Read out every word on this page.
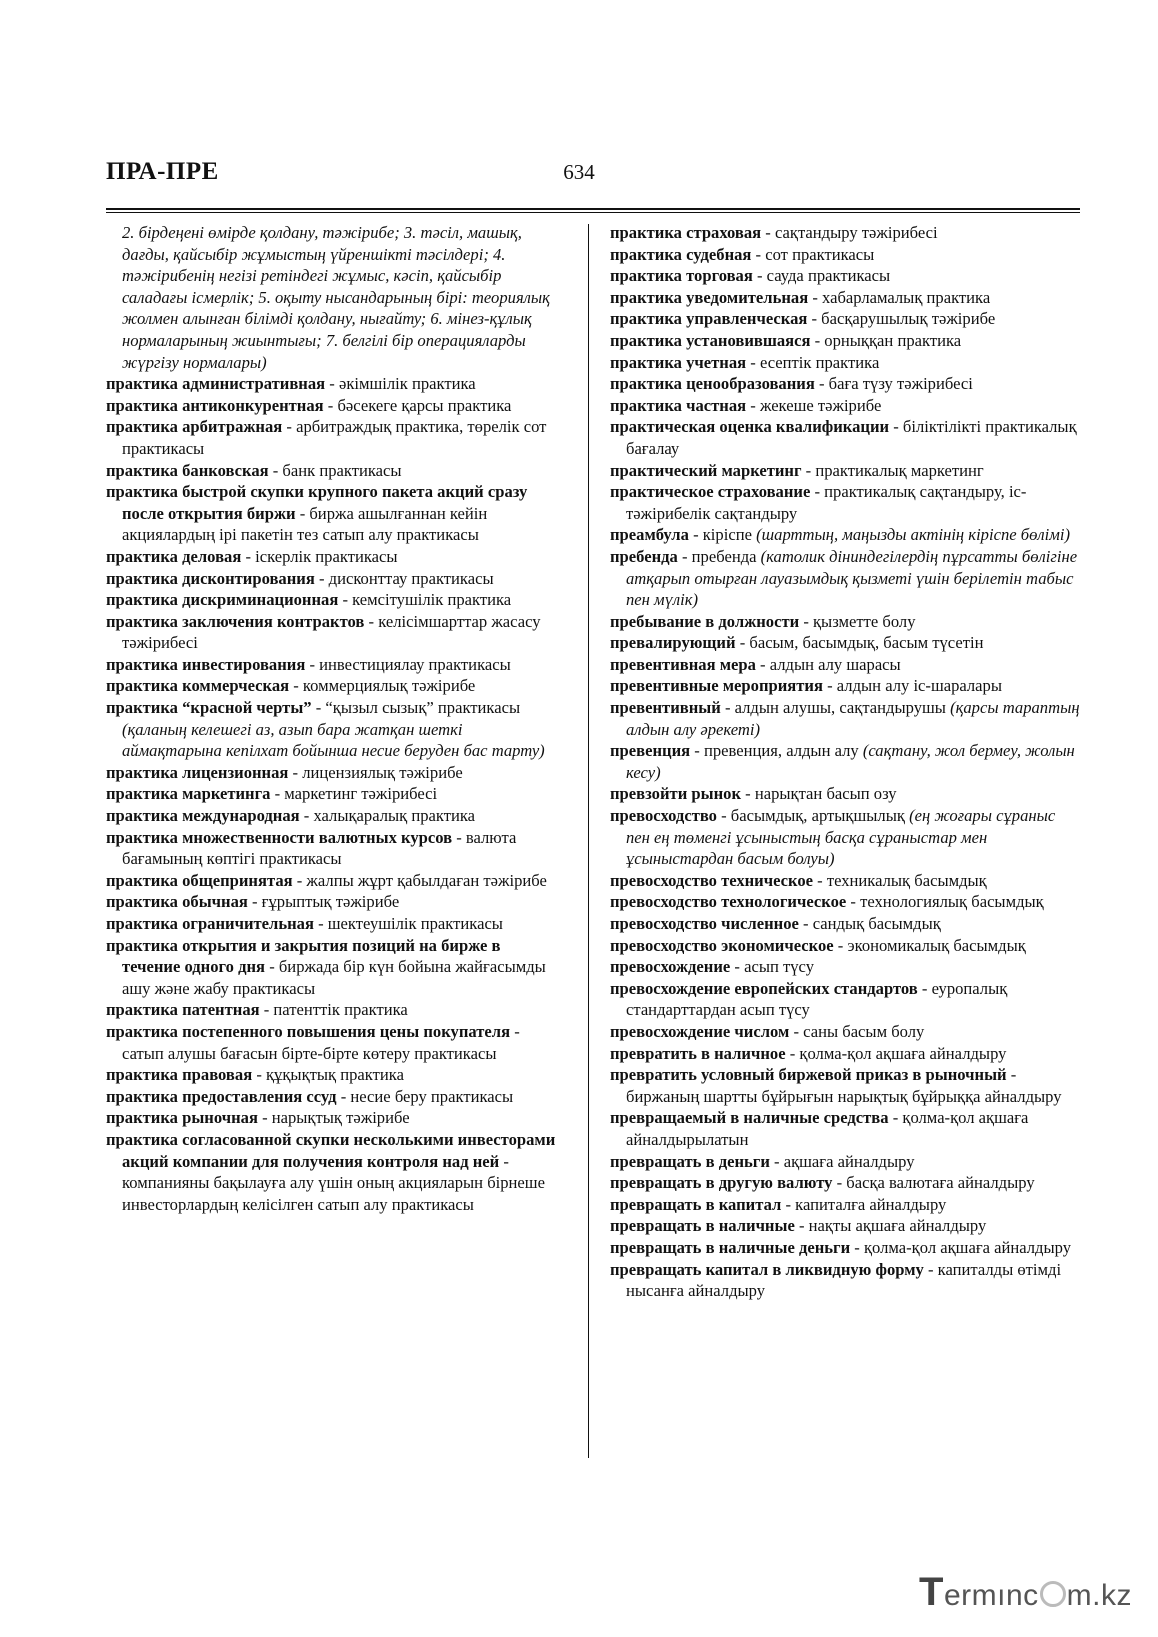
ПРА-ПРЕ	634

2. бірдеңені өмірде қолдану, тәжірибе; 3. тәсіл, машық, дағды, қайсыбір жұмыстың үйреншікті тәсілдері; 4. тәжірибенің негізі ретіндегі жұмыс, кәсіп, қайсыбір саладағы ісмерлік; 5. оқыту нысандарының бірі: теориялық жолмен алынған білімді қолдану, нығайту; 6. мінез-құлық нормаларының жиынтығы; 7. белгілі бір операцияларды жүргізу нормалары)

практика административная - әкімшілік практика

практика антиконкурентная - бәсекеге қарсы практика

практика арбитражная - арбитраждық практика, төрелік сот практикасы

практика банковская - банк практикасы

практика быстрой скупки крупного пакета акций сразу после открытия биржи - биржа ашылғаннан кейін акциялардың ірі пакетін тез сатып алу практикасы

практика деловая - іскерлік практикасы

практика дисконтирования - дисконттау практикасы

практика дискриминационная - кемсітушілік практика

практика заключения контрактов - келісімшарттар жасасу тәжірибесі

практика инвестирования - инвестициялау практикасы

практика коммерческая - коммерциялық тәжірибе

практика “красной черты” - “қызыл сызық” практикасы (қаланың келешегі аз, азып бара жатқан шеткі аймақтарына кепілхат бойынша несие беруден бас тарту)

практика лицензионная - лицензиялық тәжірибе

практика маркетинга - маркетинг тәжірибесі

практика международная - халықаралық практика

практика множественности валютных курсов - валюта бағамының көптігі практикасы

практика общепринятая - жалпы жұрт қабылдаған тәжірибе

практика обычная - ғұрыптық тәжірибе

практика ограничительная - шектеушілік практикасы

практика открытия и закрытия позиций на бирже в течение одного дня - биржада бір күн бойына жайғасымды ашу және жабу практикасы

практика патентная - патенттік практика

практика постепенного повышения цены покупателя - сатып алушы бағасын бірте-бірте көтеру практикасы

практика правовая - құқықтық практика

практика предоставления ссуд - несие беру практикасы

практика рыночная - нарықтық тәжірибе

практика согласованной скупки несколькими инвесторами акций компании для получения контроля над ней - компанияны бақылауға алу үшін оның акцияларын бірнеше инвесторлардың келісілген сатып алу практикасы

практика страховая - сақтандыру тәжірибесі

практика судебная - сот практикасы

практика торговая - сауда практикасы

практика уведомительная - хабарламалық практика

практика управленческая - басқарушылық тәжірибе

практика установившаяся - орныққан практика

практика учетная - есептік практика

практика ценообразования - баға түзу тәжірибесі

практика частная - жекеше тәжірибе

практическая оценка квалификации - біліктілікті практикалық бағалау

практический маркетинг - практикалық маркетинг

практическое страхование - практикалық сақтандыру, іс-тәжірибелік сақтандыру

преамбула - кіріспе (шарттың, маңызды актінің кіріспе бөлімі)

пребенда - пребенда (католик діниндегілердің пұрсатты бөлігіне атқарып отырған лауазымдық қызметі үшін берілетін табыс пен мүлік)

пребывание в должности - қызметте болу

превалирующий - басым, басымдық, басым түсетін

превентивная мера - алдын алу шарасы

превентивные мероприятия - алдын алу іс-шаралары

превентивный - алдын алушы, сақтандырушы (қарсы тараптың алдын алу әрекеті)

превенция - превенция, алдын алу (сақтану, жол бермеу, жолын кесу)

превзойти рынок - нарықтан басып озу

превосходство - басымдық, артықшылық (ең жоғары сұраныс пен ең төменгі ұсыныстың басқа сұраныстар мен ұсыныстардан басым болуы)

превосходство техническое - техникалық басымдық

превосходство технологическое - технологиялық басымдық

превосходство численное - сандық басымдық

превосходство экономическое - экономикалық басымдық

превосхождение - асып түсу

превосхождение европейских стандартов - еуропалық стандарттардан асып түсу

превосхождение числом - саны басым болу

превратить в наличное - қолма-қол ақшаға айналдыру

превратить условный биржевой приказ в рыночный - биржаның шартты бұйрығын нарықтық бұйрыққа айналдыру

превращаемый в наличные средства - қолма-қол ақшаға айналдырылатын

превращать в деньги - ақшаға айналдыру

превращать в другую валюту - басқа валютаға айналдыру

превращать в капитал - капиталға айналдыру

превращать в наличные - нақты ақшаға айналдыру

превращать в наличные деньги - қолма-қол ақшаға айналдыру

превращать капитал в ликвидную форму - капиталды өтімді нысанға айналдыру

Termınc m.kz
